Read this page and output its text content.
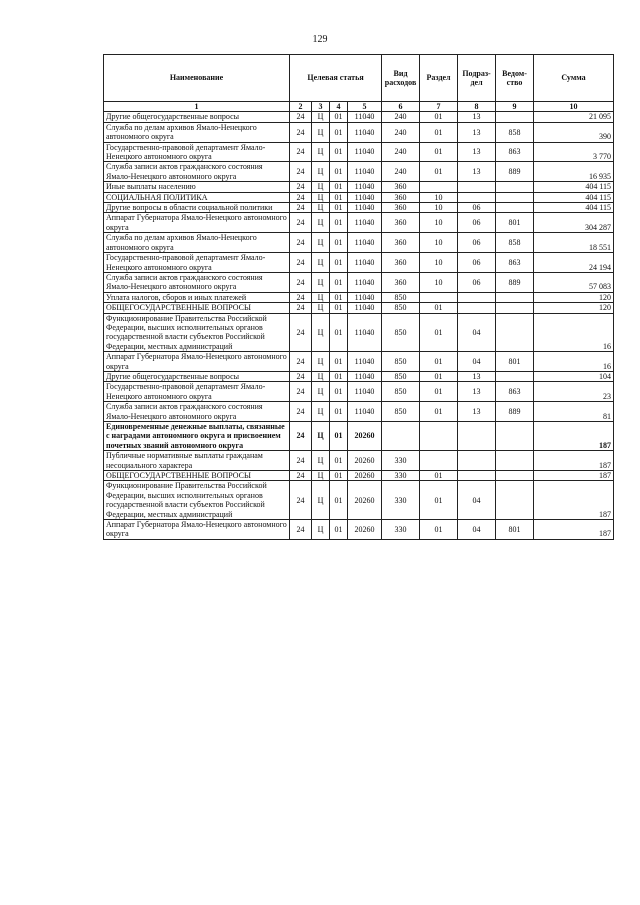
129
Наименование	Целевая статья				Вид расходов	Раздел	Подраз-дел	Ведом-ство	Сумма
1	2	3	4	5	6	7	8	9	10
Другие общегосударственные вопросы	24	Ц	01	11040	240	01	13		21 095
Служба по делам архивов Ямало-Ненецкого автономного округа	24	Ц	01	11040	240	01	13	858	390
Государственно-правовой департамент Ямало-Ненецкого автономного округа	24	Ц	01	11040	240	01	13	863	3 770
Служба записи актов гражданского состояния Ямало-Ненецкого автономного округа	24	Ц	01	11040	240	01	13	889	16 935
Иные выплаты населению	24	Ц	01	11040	360				404 115
СОЦИАЛЬНАЯ ПОЛИТИКА	24	Ц	01	11040	360	10			404 115
Другие вопросы в области социальной политики	24	Ц	01	11040	360	10	06		404 115
Аппарат Губернатора Ямало-Ненецкого автономного округа	24	Ц	01	11040	360	10	06	801	304 287
Служба по делам архивов Ямало-Ненецкого автономного округа	24	Ц	01	11040	360	10	06	858	18 551
Государственно-правовой департамент Ямало-Ненецкого автономного округа	24	Ц	01	11040	360	10	06	863	24 194
Служба записи актов гражданского состояния Ямало-Ненецкого автономного округа	24	Ц	01	11040	360	10	06	889	57 083
Уплата налогов, сборов и иных платежей	24	Ц	01	11040	850				120
ОБЩЕГОСУДАРСТВЕННЫЕ ВОПРОСЫ	24	Ц	01	11040	850	01			120
Функционирование Правительства Российской Федерации, высших исполнительных органов государственной власти субъектов Российской Федерации, местных администраций	24	Ц	01	11040	850	01	04		16
Аппарат Губернатора Ямало-Ненецкого автономного округа	24	Ц	01	11040	850	01	04	801	16
Другие общегосударственные вопросы	24	Ц	01	11040	850	01	13		104
Государственно-правовой департамент Ямало-Ненецкого автономного округа	24	Ц	01	11040	850	01	13	863	23
Служба записи актов гражданского состояния Ямало-Ненецкого автономного округа	24	Ц	01	11040	850	01	13	889	81
Единовременные денежные выплаты, связанные с наградами автономного округа и присвоением почетных званий автономного округа	24	Ц	01	20260					187
Публичные нормативные выплаты гражданам несоциального характера	24	Ц	01	20260	330				187
ОБЩЕГОСУДАРСТВЕННЫЕ ВОПРОСЫ	24	Ц	01	20260	330	01			187
Функционирование Правительства Российской Федерации, высших исполнительных органов государственной власти субъектов Российской Федерации, местных администраций	24	Ц	01	20260	330	01	04		187
Аппарат Губернатора Ямало-Ненецкого автономного округа	24	Ц	01	20260	330	01	04	801	187
